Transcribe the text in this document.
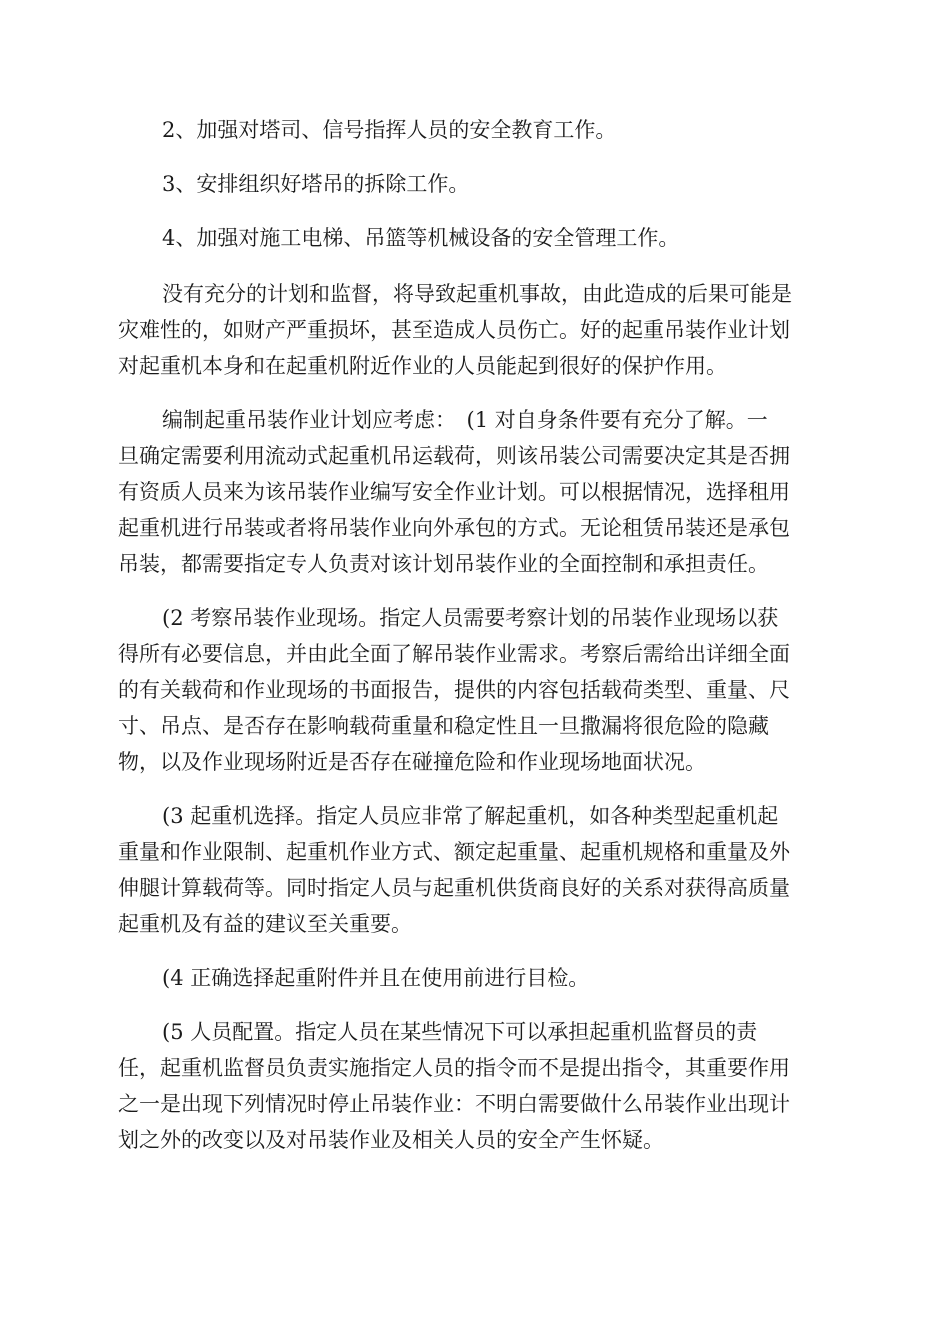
2、加强对塔司、信号指挥人员的安全教育工作。
3、安排组织好塔吊的拆除工作。
4、加强对施工电梯、吊篮等机械设备的安全管理工作。
没有充分的计划和监督，将导致起重机事故，由此造成的后果可能是
灾难性的，如财产严重损坏，甚至造成人员伤亡。好的起重吊装作业计划
对起重机本身和在起重机附近作业的人员能起到很好的保护作用。
编制起重吊装作业计划应考虑：　(1 对自身条件要有充分了解。一
旦确定需要利用流动式起重机吊运载荷，则该吊装公司需要决定其是否拥
有资质人员来为该吊装作业编写安全作业计划。可以根据情况，选择租用
起重机进行吊装或者将吊装作业向外承包的方式。无论租赁吊装还是承包
吊装，都需要指定专人负责对该计划吊装作业的全面控制和承担责任。
(2 考察吊装作业现场。指定人员需要考察计划的吊装作业现场以获
得所有必要信息，并由此全面了解吊装作业需求。考察后需给出详细全面
的有关载荷和作业现场的书面报告，提供的内容包括载荷类型、重量、尺
寸、吊点、是否存在影响载荷重量和稳定性且一旦撒漏将很危险的隐藏
物，以及作业现场附近是否存在碰撞危险和作业现场地面状况。
(3 起重机选择。指定人员应非常了解起重机，如各种类型起重机起
重量和作业限制、起重机作业方式、额定起重量、起重机规格和重量及外
伸腿计算载荷等。同时指定人员与起重机供货商良好的关系对获得高质量
起重机及有益的建议至关重要。
(4 正确选择起重附件并且在使用前进行目检。
(5 人员配置。指定人员在某些情况下可以承担起重机监督员的责
任，起重机监督员负责实施指定人员的指令而不是提出指令，其重要作用
之一是出现下列情况时停止吊装作业：不明白需要做什么吊装作业出现计
划之外的改变以及对吊装作业及相关人员的安全产生怀疑。
